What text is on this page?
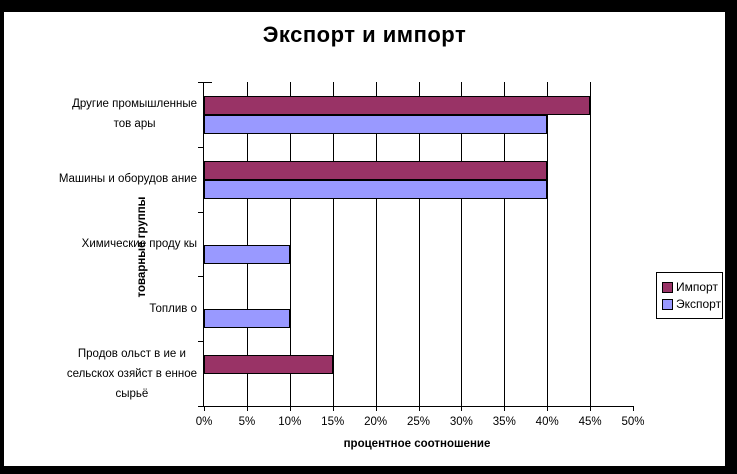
Экспорт и импорт
0%	5%	10%	15%	20%	25%	30%	35%	40%	45%	50%
товарные группы
процентное соотношение
Импорт
Экспорт
Другие промышленные
тов ары
Машины и оборудов ание
Химические проду кы
Топлив о
Продов ольст в ие и
сельскох озяйст в енное
сырьё
